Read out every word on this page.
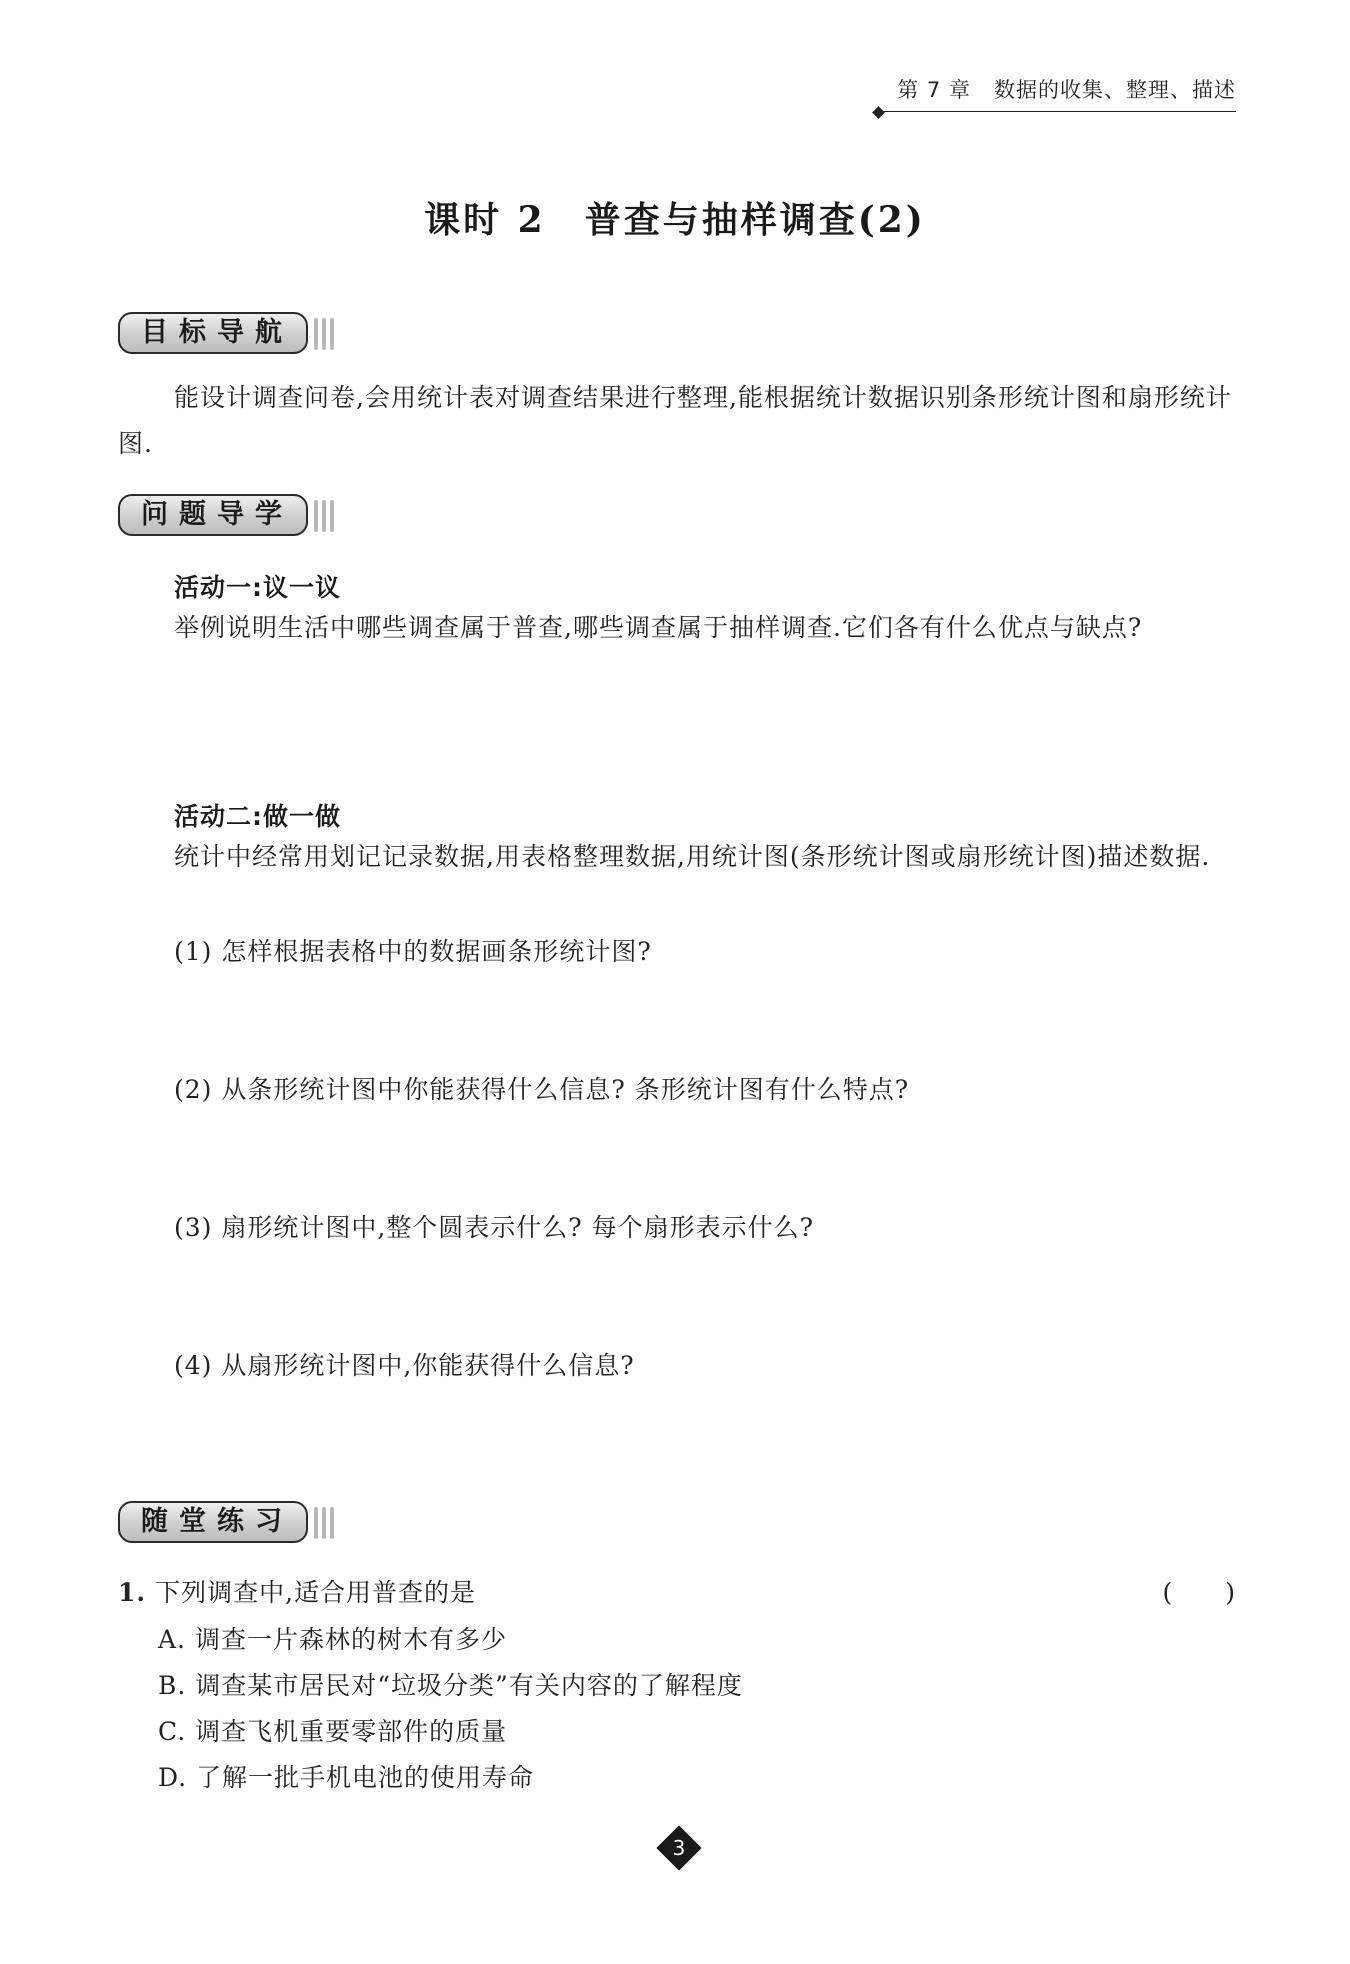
第 7 章 数据的收集、整理、描述
课时 2　普查与抽样调查(2)
目标导航
能设计调查问卷,会用统计表对调查结果进行整理,能根据统计数据识别条形统计图和扇形统计图.
问题导学
活动一:议一议
举例说明生活中哪些调查属于普查,哪些调查属于抽样调查.它们各有什么优点与缺点?
活动二:做一做
统计中经常用划记记录数据,用表格整理数据,用统计图(条形统计图或扇形统计图)描述数据.
(1) 怎样根据表格中的数据画条形统计图?
(2) 从条形统计图中你能获得什么信息? 条形统计图有什么特点?
(3) 扇形统计图中,整个圆表示什么? 每个扇形表示什么?
(4) 从扇形统计图中,你能获得什么信息?
随堂练习
1. 下列调查中,适合用普查的是	(　　)
A. 调查一片森林的树木有多少
B. 调查某市居民对“垃圾分类”有关内容的了解程度
C. 调查飞机重要零部件的质量
D. 了解一批手机电池的使用寿命
3
